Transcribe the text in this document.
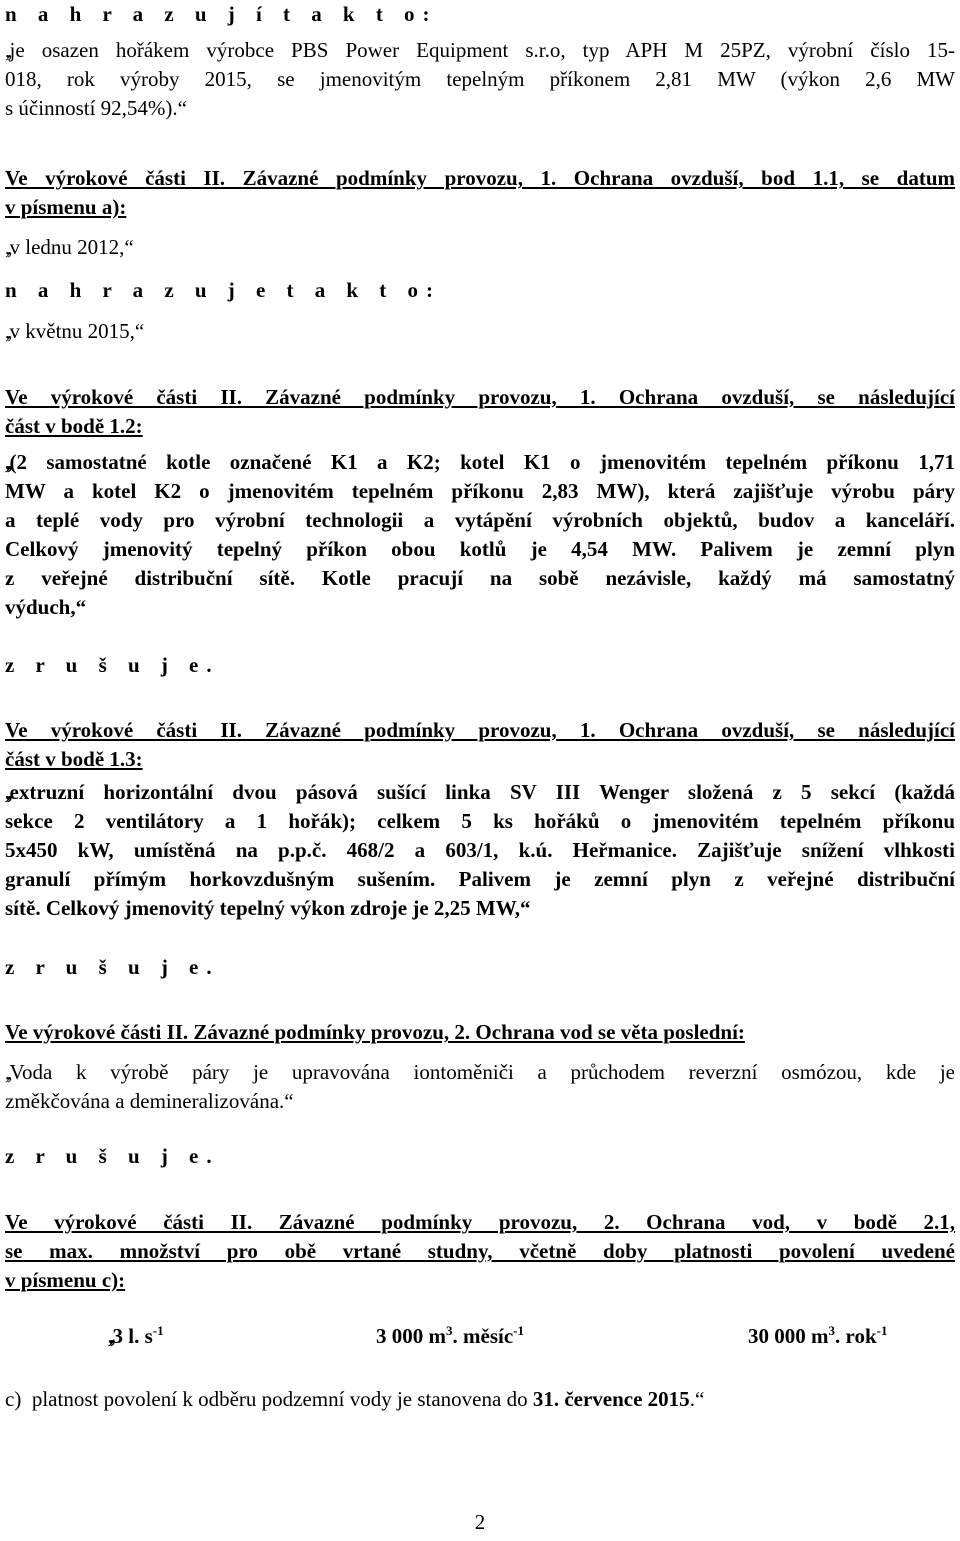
n a h r a z u j í t a k t o:

,,je osazen hořákem výrobce PBS Power Equipment s.r.o, typ APH M 25PZ, výrobní číslo 15-
018, rok výroby 2015, se jmenovitým tepelným příkonem 2,81 MW (výkon 2,6 MW
s účinností 92,54%).“
Ve výrokové části II. Závazné podmínky provozu, 1. Ochrana ovzduší, bod 1.1, se datum
v písmenu a):

,,v lednu 2012,“

n a h r a z u j e t a k t o:

,,v květnu 2015,“

Ve výrokové části II. Závazné podmínky provozu, 1. Ochrana ovzduší, se následující
část v bodě 1.2:
,,(2 samostatné kotle označené K1 a K2; kotel K1 o jmenovitém tepelném příkonu 1,71
MW a kotel K2 o jmenovitém tepelném příkonu 2,83 MW), která zajišťuje výrobu páry
a teplé vody pro výrobní technologii a vytápění výrobních objektů, budov a kanceláří.
Celkový jmenovitý tepelný příkon obou kotlů je 4,54 MW. Palivem je zemní plyn
z veřejné distribuční sítě. Kotle pracují na sobě nezávisle, každý má samostatný
výduch,“

z r u š u j e.

Ve výrokové části II. Závazné podmínky provozu, 1. Ochrana ovzduší, se následující
část v bodě 1.3:
,,extruzní horizontální dvou pásová sušící linka SV III Wenger složená z 5 sekcí (každá
sekce 2 ventilátory a 1 hořák); celkem 5 ks hořáků o jmenovitém tepelném příkonu
5x450 kW, umístěná na p.p.č. 468/2 a 603/1, k.ú. Heřmanice. Zajišťuje snížení vlhkosti
granulí přímým horkovzdušným sušením. Palivem je zemní plyn z veřejné distribuční
sítě. Celkový jmenovitý tepelný výkon zdroje je 2,25 MW,“

z r u š u j e.

Ve výrokové části II. Závazné podmínky provozu, 2. Ochrana vod se věta poslední:

,,Voda k výrobě páry je upravována iontoměniči a průchodem reverzní osmózou, kde je
změkčována a demineralizována.“

z r u š u j e.

Ve výrokové části II. Závazné podmínky provozu, 2. Ochrana vod, v bodě 2.1,
se max. množství pro obě vrtané studny, včetně doby platnosti povolení uvedené
v písmenu c):
,,3 l. $s^{-1}$	3 000 $m^3$. měsíc$^{-1}$	30 000 $m^3$. rok$^{-1}$

c) platnost povolení k odběru podzemní vody je stanovena do 31. července 2015.“

2
